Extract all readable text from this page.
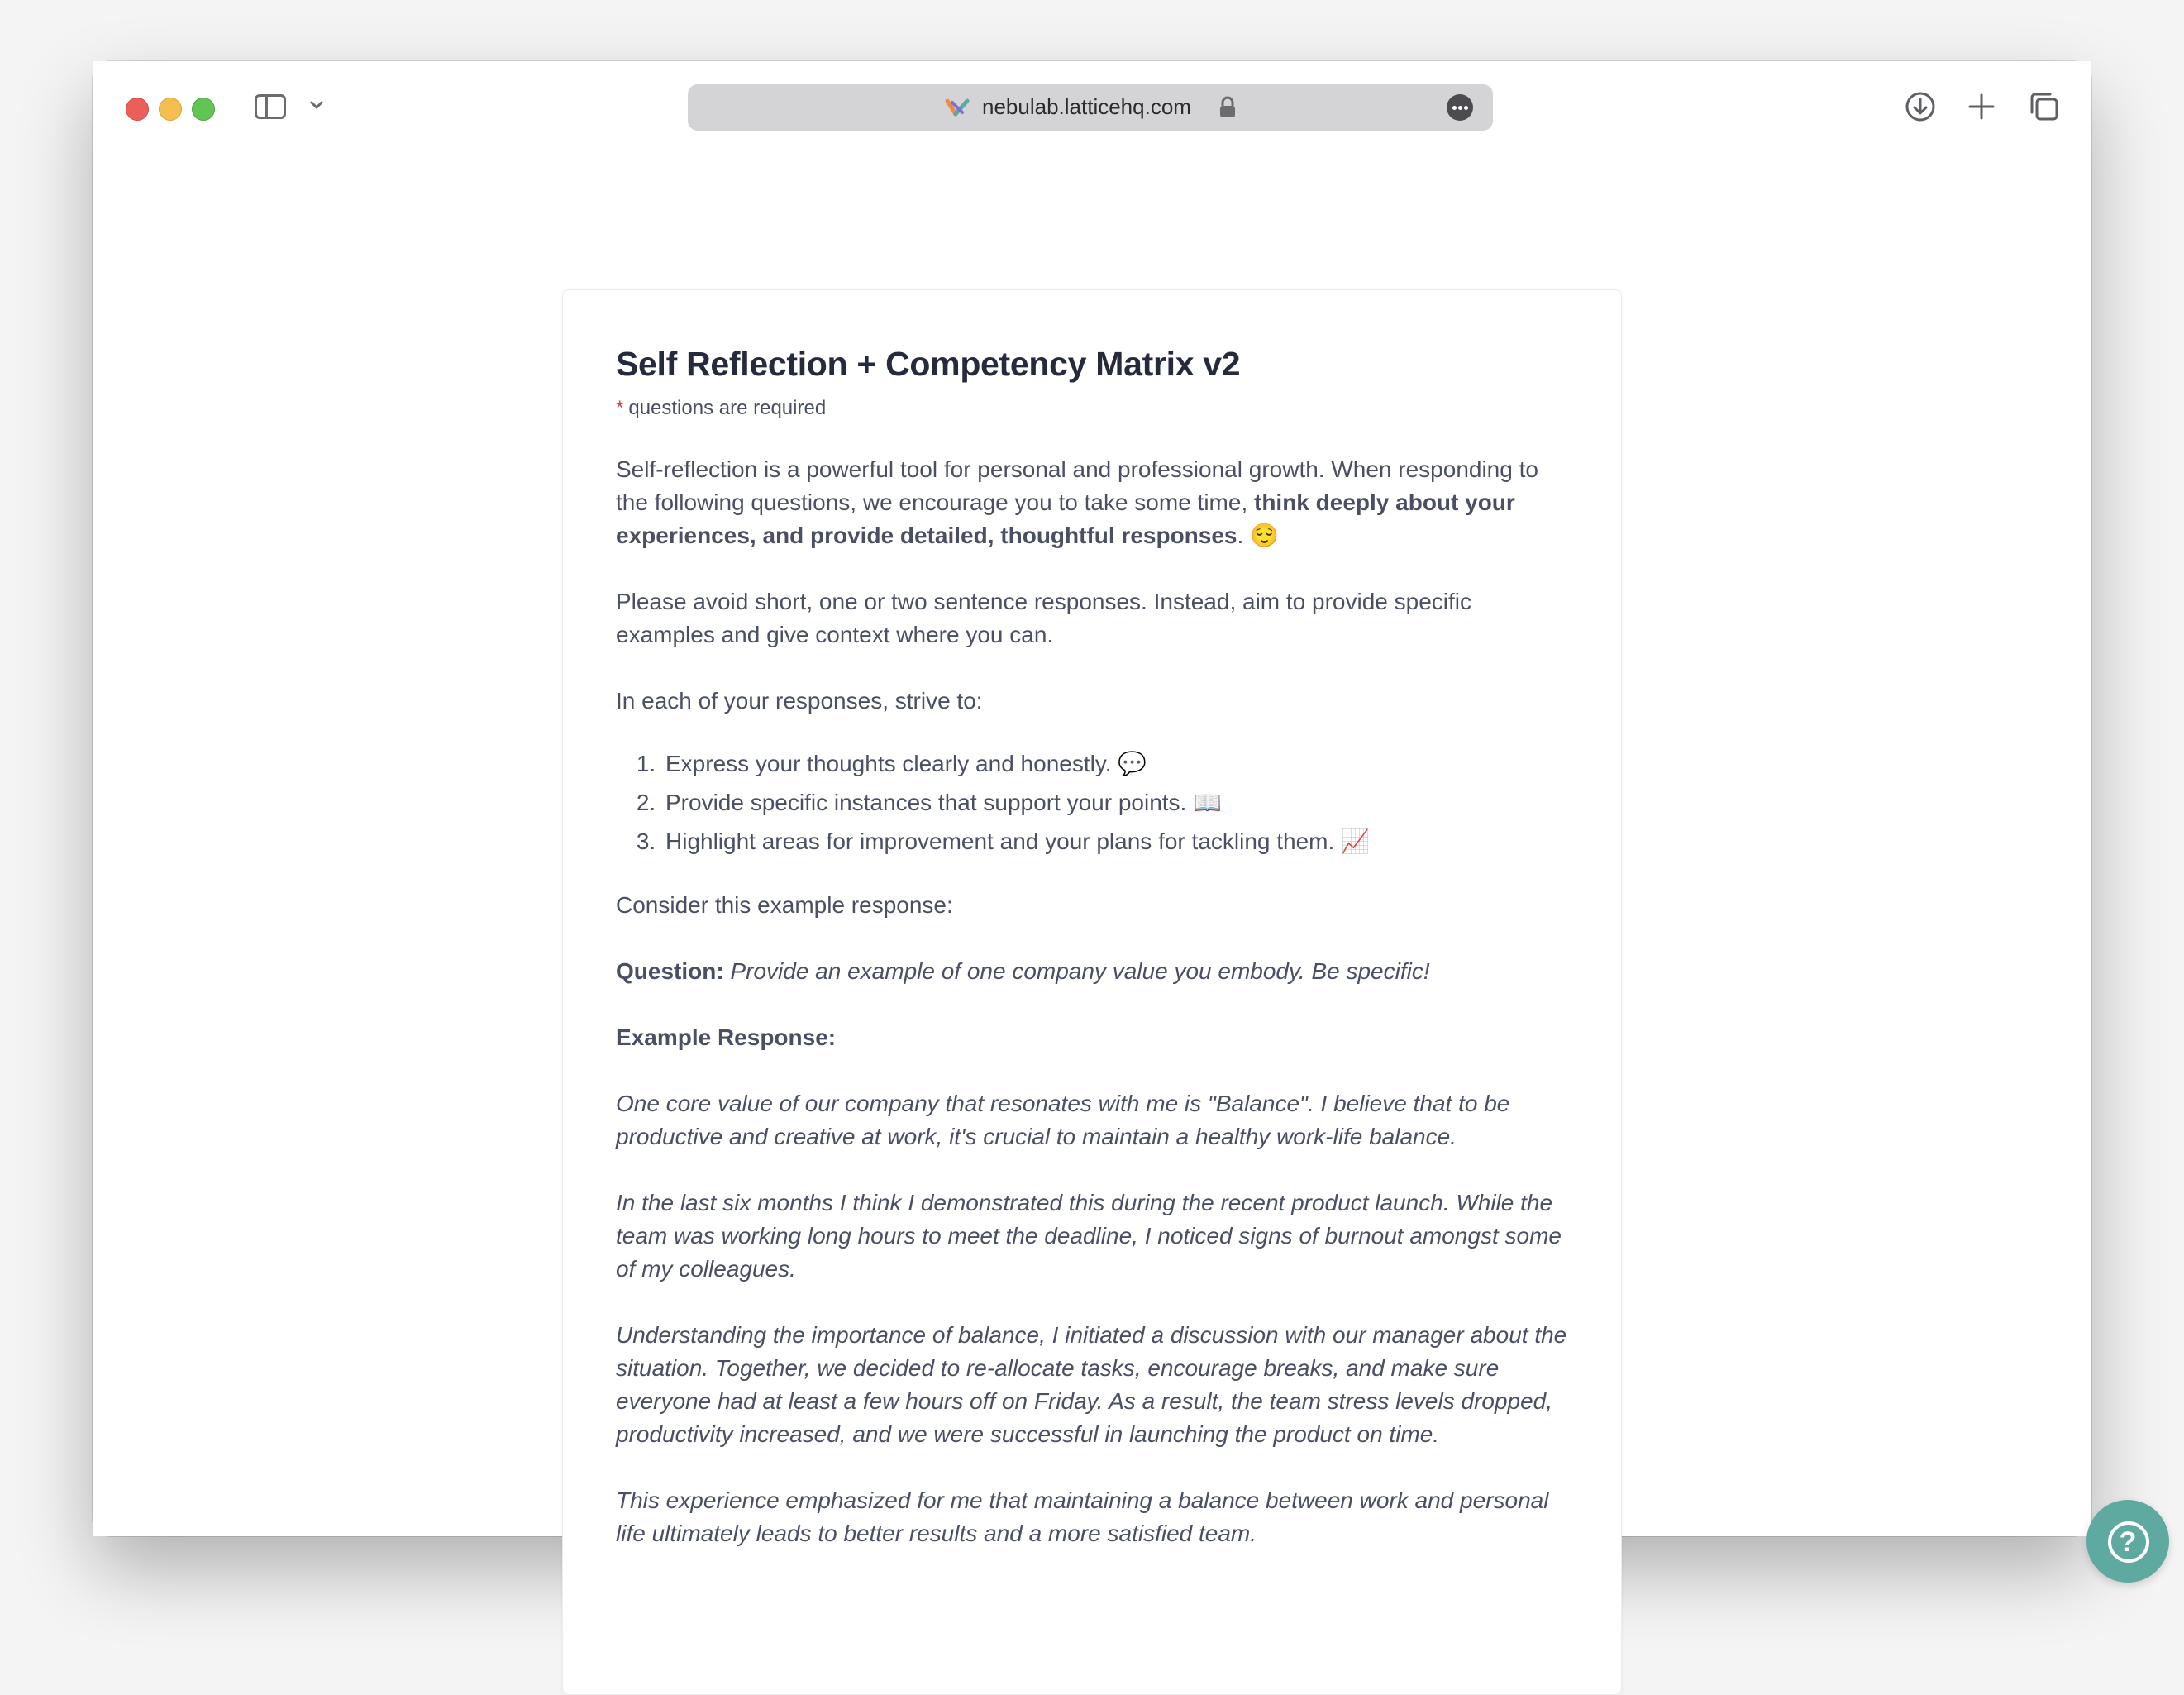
nebulab.latticehq.com
Self Reflection + Competency Matrix v2
* questions are required

Self-reflection is a powerful tool for personal and professional growth. When responding to the following questions, we encourage you to take some time, think deeply about your experiences, and provide detailed, thoughtful responses. 😌

Please avoid short, one or two sentence responses. Instead, aim to provide specific examples and give context where you can.

In each of your responses, strive to:

1. Express your thoughts clearly and honestly. 💬
2. Provide specific instances that support your points. 📖
3. Highlight areas for improvement and your plans for tackling them. 📈

Consider this example response:

Question: Provide an example of one company value you embody. Be specific!

Example Response:

One core value of our company that resonates with me is "Balance". I believe that to be productive and creative at work, it's crucial to maintain a healthy work-life balance.

In the last six months I think I demonstrated this during the recent product launch. While the team was working long hours to meet the deadline, I noticed signs of burnout amongst some of my colleagues.

Understanding the importance of balance, I initiated a discussion with our manager about the situation. Together, we decided to re-allocate tasks, encourage breaks, and make sure everyone had at least a few hours off on Friday. As a result, the team stress levels dropped, productivity increased, and we were successful in launching the product on time.

This experience emphasized for me that maintaining a balance between work and personal life ultimately leads to better results and a more satisfied team.	?
